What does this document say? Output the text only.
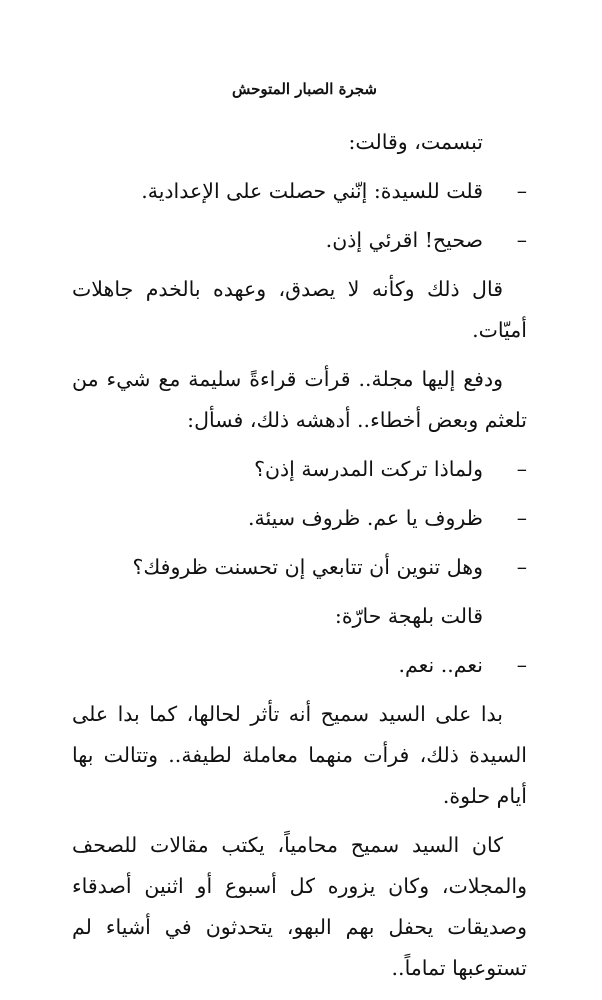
شجرة الصبار المتوحش
تبسمت، وقالت:
–
قلت للسيدة: إنّني حصلت على الإعدادية.
–
صحيح! اقرئي إذن.

قال ذلك وكأنه لا يصدق، وعهده بالخدم جاهلات أميّات.

ودفع إليها مجلة.. قرأت قراءةً سليمة مع شيء من تلعثم وبعض أخطاء.. أدهشه ذلك، فسأل:

–
ولماذا تركت المدرسة إذن؟
–
ظروف يا عم. ظروف سيئة.
–
وهل تنوين أن تتابعي إن تحسنت ظروفك؟
قالت بلهجة حارّة:
–
نعم.. نعم.

بدا على السيد سميح أنه تأثر لحالها، كما بدا على السيدة ذلك، فرأت منهما معاملة لطيفة.. وتتالت بها أيام حلوة.

كان السيد سميح محامياً، يكتب مقالات للصحف والمجلات، وكان يزوره كل أسبوع أو اثنين أصدقاء وصديقات يحفل بهم البهو، يتحدثون في أشياء لم تستوعبها تماماً..
